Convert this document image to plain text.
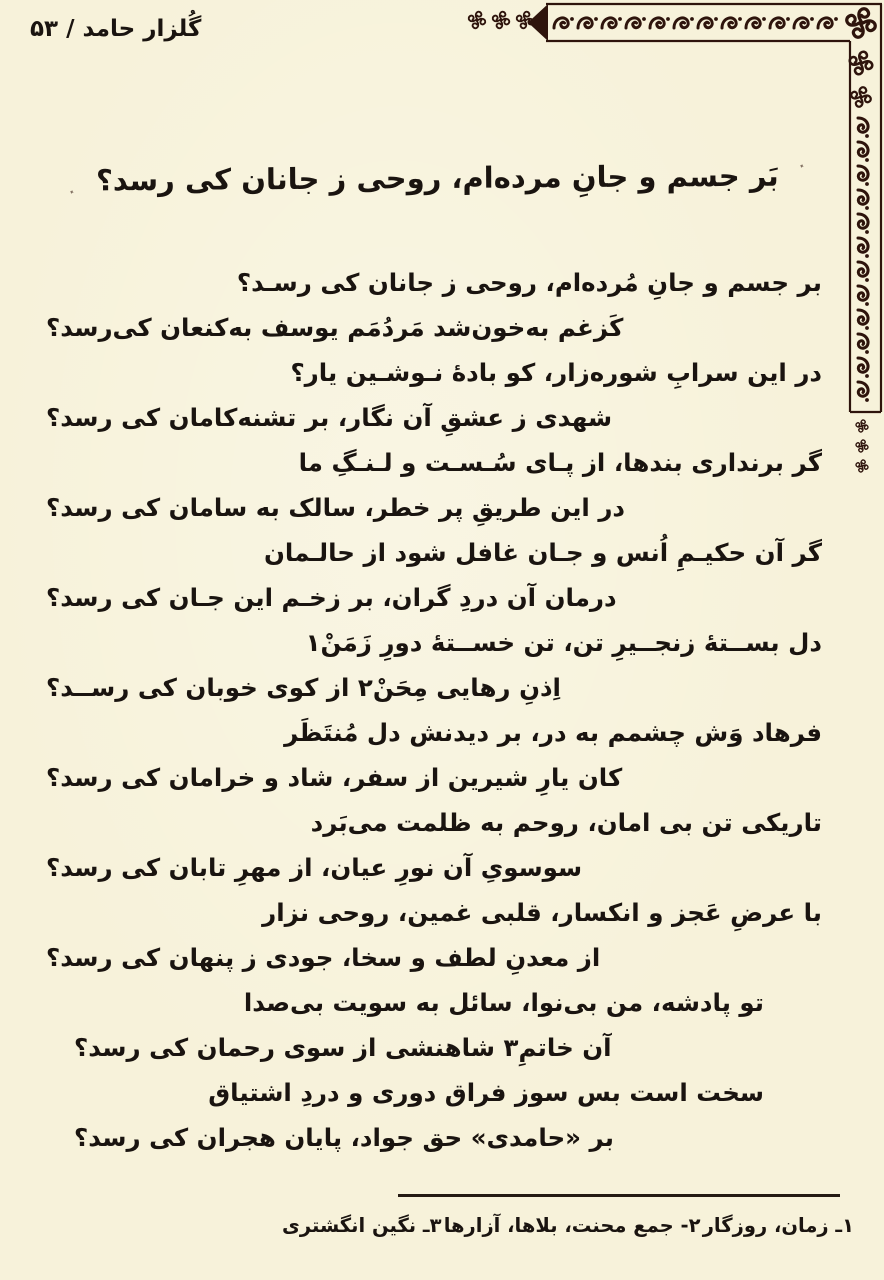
گُلزار حامد / ۵۳
بَر جسم و جانِ مرده‌ام، روحی ز جانان کی رسد؟
بر جسم و جانِ مُرده‌ام، روحی ز جانان کی رسـد؟
کَزغم به‌خون‌شد مَردُمَم یوسف به‌کنعان کی‌رسد؟
در این سرابِ شوره‌زار، کو بادهٔ نـوشـین یار؟
شهدی ز عشقِ آن نگار، بر تشنه‌کامان کی رسد؟
گر برنداری بندها، از پـای سُـسـت و لـنـگِ ما
در این طریقِ پر خطر، سالک به سامان کی رسد؟
گر آن حکیـمِ اُنس و جـان غافل شود از حالـمان
درمان آن دردِ گران، بر زخـم این جـان کی رسد؟
دل بســتهٔ زنجــیرِ تن، تن خســتهٔ دورِ زَمَنْ۱
اِذنِ رهایی مِحَنْ۲ از کوی خوبان کی رســد؟
فرهاد وَش چشمم به در، بر دیدنش دل مُنتَظَر
کان یارِ شیرین از سفر، شاد و خرامان کی رسد؟
تاریکی تن بی امان، روحم به ظلمت می‌بَرد
سوسویِ آن نورِ عیان، از مهرِ تابان کی رسد؟
با عرضِ عَجز و انکسار، قلبی غمین، روحی نزار
از معدنِ لطف و سخا، جودی ز پنهان کی رسد؟
تو پادشه، من بی‌نوا، سائل به سویت بی‌صدا
آن خاتمِ۳ شاهنشی از سوی رحمان کی رسد؟
سخت است بس سوز فراق دوری و دردِ اشتیاق
بر «حامدی» حق جواد، پایان هجران کی رسد؟
۱ـ زمان، روزگار
۲- جمع محنت، بلاها، آزارها
۳ـ نگین انگشتری
